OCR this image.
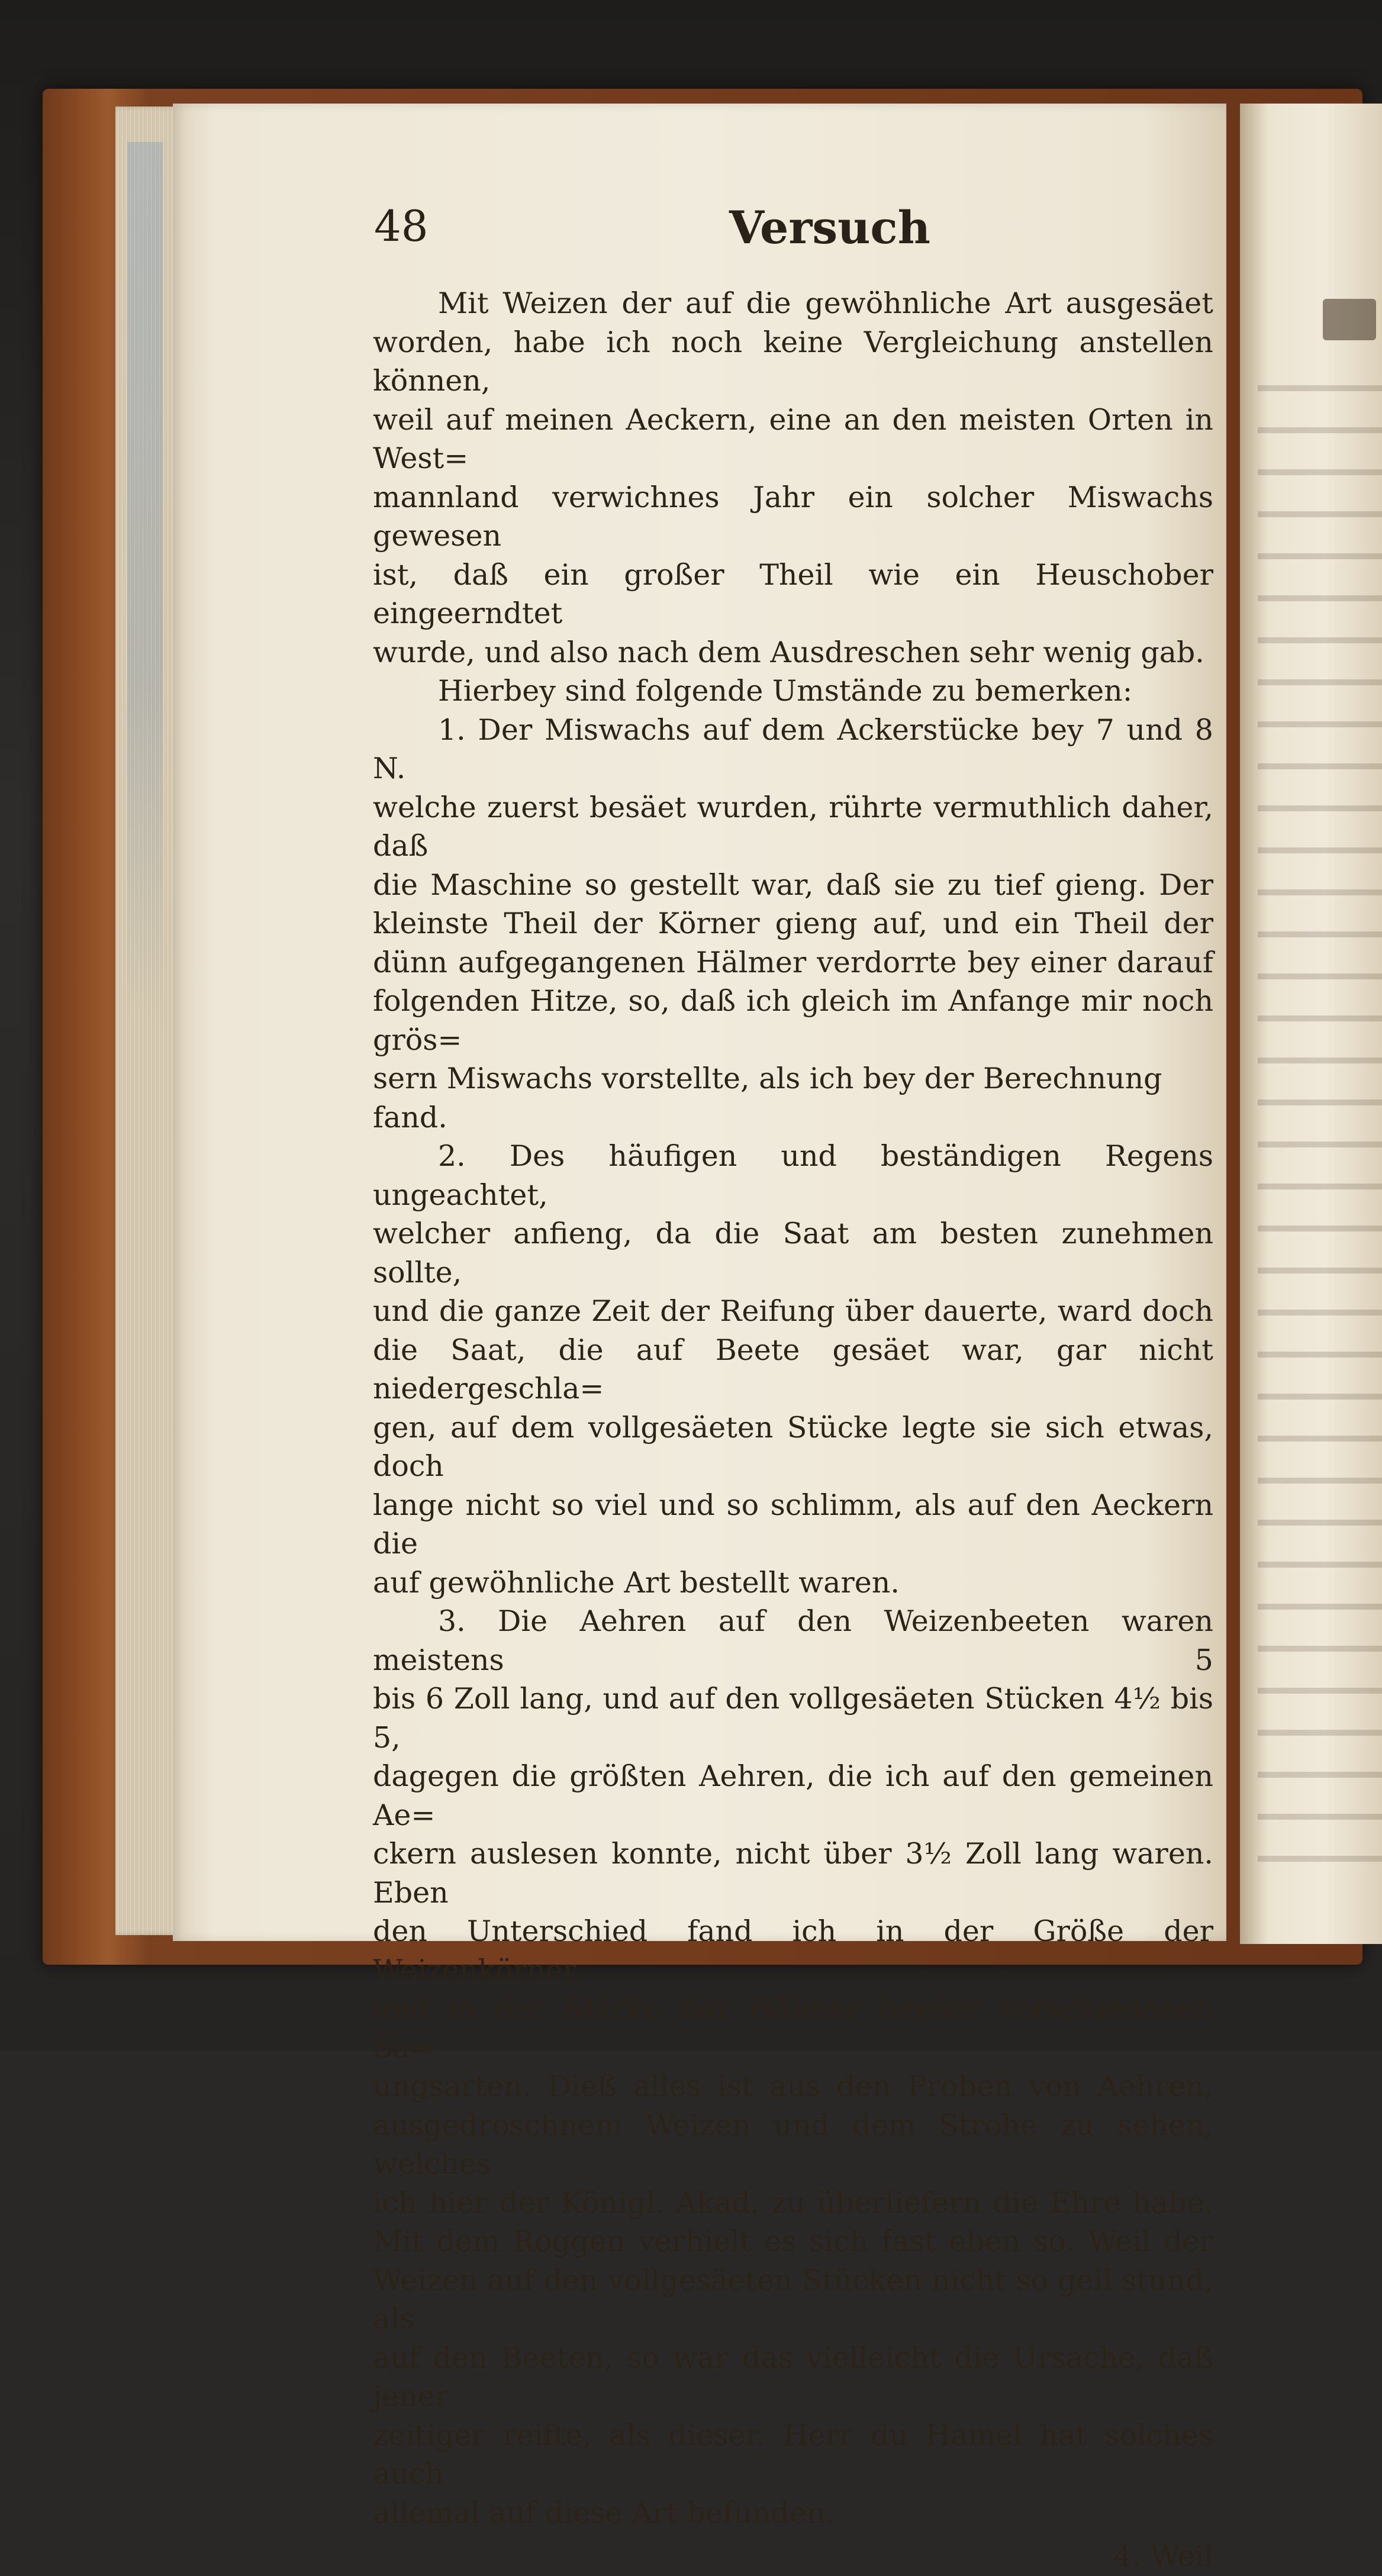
48	Versuch
Mit Weizen der auf die gewöhnliche Art ausgesäet
worden, habe ich noch keine Vergleichung anstellen können,
weil auf meinen Aeckern, eine an den meisten Orten in West=
mannland verwichnes Jahr ein solcher Miswachs gewesen
ist, daß ein großer Theil wie ein Heuschober eingeerndtet
wurde, und also nach dem Ausdreschen sehr wenig gab.
Hierbey sind folgende Umstände zu bemerken:
1. Der Miswachs auf dem Ackerstücke bey 7 und 8 N.
welche zuerst besäet wurden, rührte vermuthlich daher, daß
die Maschine so gestellt war, daß sie zu tief gieng. Der
kleinste Theil der Körner gieng auf, und ein Theil der
dünn aufgegangenen Hälmer verdorrte bey einer darauf
folgenden Hitze, so, daß ich gleich im Anfange mir noch grös=
sern Miswachs vorstellte, als ich bey der Berechnung fand.
2. Des häufigen und beständigen Regens ungeachtet,
welcher anfieng, da die Saat am besten zunehmen sollte,
und die ganze Zeit der Reifung über dauerte, ward doch
die Saat, die auf Beete gesäet war, gar nicht niedergeschla=
gen, auf dem vollgesäeten Stücke legte sie sich etwas, doch
lange nicht so viel und so schlimm, als auf den Aeckern die
auf gewöhnliche Art bestellt waren.
3. Die Aehren auf den Weizenbeeten waren meistens 5
bis 6 Zoll lang, und auf den vollgesäeten Stücken 4½ bis 5,
dagegen die größten Aehren, die ich auf den gemeinen Ae=
ckern auslesen konnte, nicht über 3½ Zoll lang waren. Eben
den Unterschied fand ich in der Größe der Weizenkörner,
und in der Stärke der Hälmer beyder verschiedenen Sä=
ungsarten. Dieß alles ist aus den Proben von Aehren,
ausgedroschnem Weizen und dem Strohe zu sehen, welches
ich hier der Königl. Akad. zu überliefern die Ehre habe.
Mit dem Roggen verhielt es sich fast eben so. Weil der
Weizen auf den vollgesäeten Stücken nicht so geil stund, als
auf den Beeten, so war das vielleicht die Ursache, daß jener
zeitiger reifte, als dieser. Herr du Hamel hat solches auch
allemal auf diese Art befunden.
4. Weil
